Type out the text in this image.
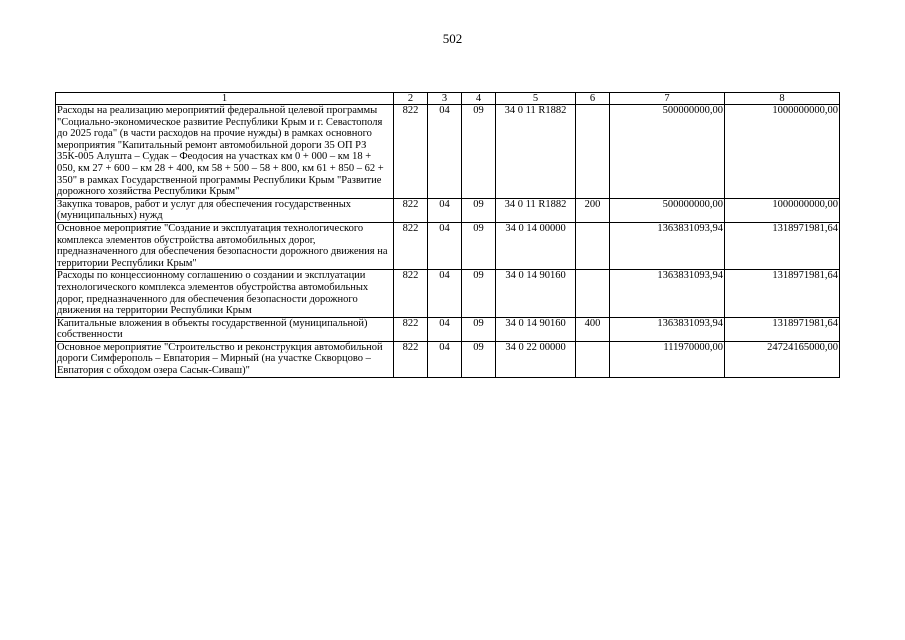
502
1	2	3	4	5	6	7	8
Расходы на реализацию мероприятий федеральной целевой программы "Социально-экономическое развитие Республики Крым и г. Севастополя до 2025 года" (в части расходов на прочие нужды) в рамках основного мероприятия "Капитальный ремонт автомобильной дороги 35 ОП РЗ 35К-005 Алушта – Судак – Феодосия на участках км 0 + 000 – км 18 + 050, км 27 + 600 – км 28 + 400, км 58 + 500 – 58 + 800, км 61 + 850 – 62 + 350" в рамках Государственной программы Республики Крым "Развитие дорожного хозяйства Республики Крым"	822	04	09	34 0 11 R1882		500000000,00	1000000000,00
Закупка товаров, работ и услуг для обеспечения государственных (муниципальных) нужд	822	04	09	34 0 11 R1882	200	500000000,00	1000000000,00
Основное мероприятие "Создание и эксплуатация технологического комплекса элементов обустройства автомобильных дорог, предназначенного для обеспечения безопасности дорожного движения на территории Республики Крым"	822	04	09	34 0 14 00000		1363831093,94	1318971981,64
Расходы по концессионному соглашению о создании и эксплуатации технологического комплекса элементов обустройства автомобильных дорог, предназначенного для обеспечения безопасности дорожного движения на территории Республики Крым	822	04	09	34 0 14 90160		1363831093,94	1318971981,64
Капитальные вложения в объекты государственной (муниципальной) собственности	822	04	09	34 0 14 90160	400	1363831093,94	1318971981,64
Основное мероприятие "Строительство и реконструкция автомобильной дороги Симферополь – Евпатория – Мирный (на участке Скворцово – Евпатория с обходом озера Сасык-Сиваш)"	822	04	09	34 0 22 00000		111970000,00	24724165000,00
